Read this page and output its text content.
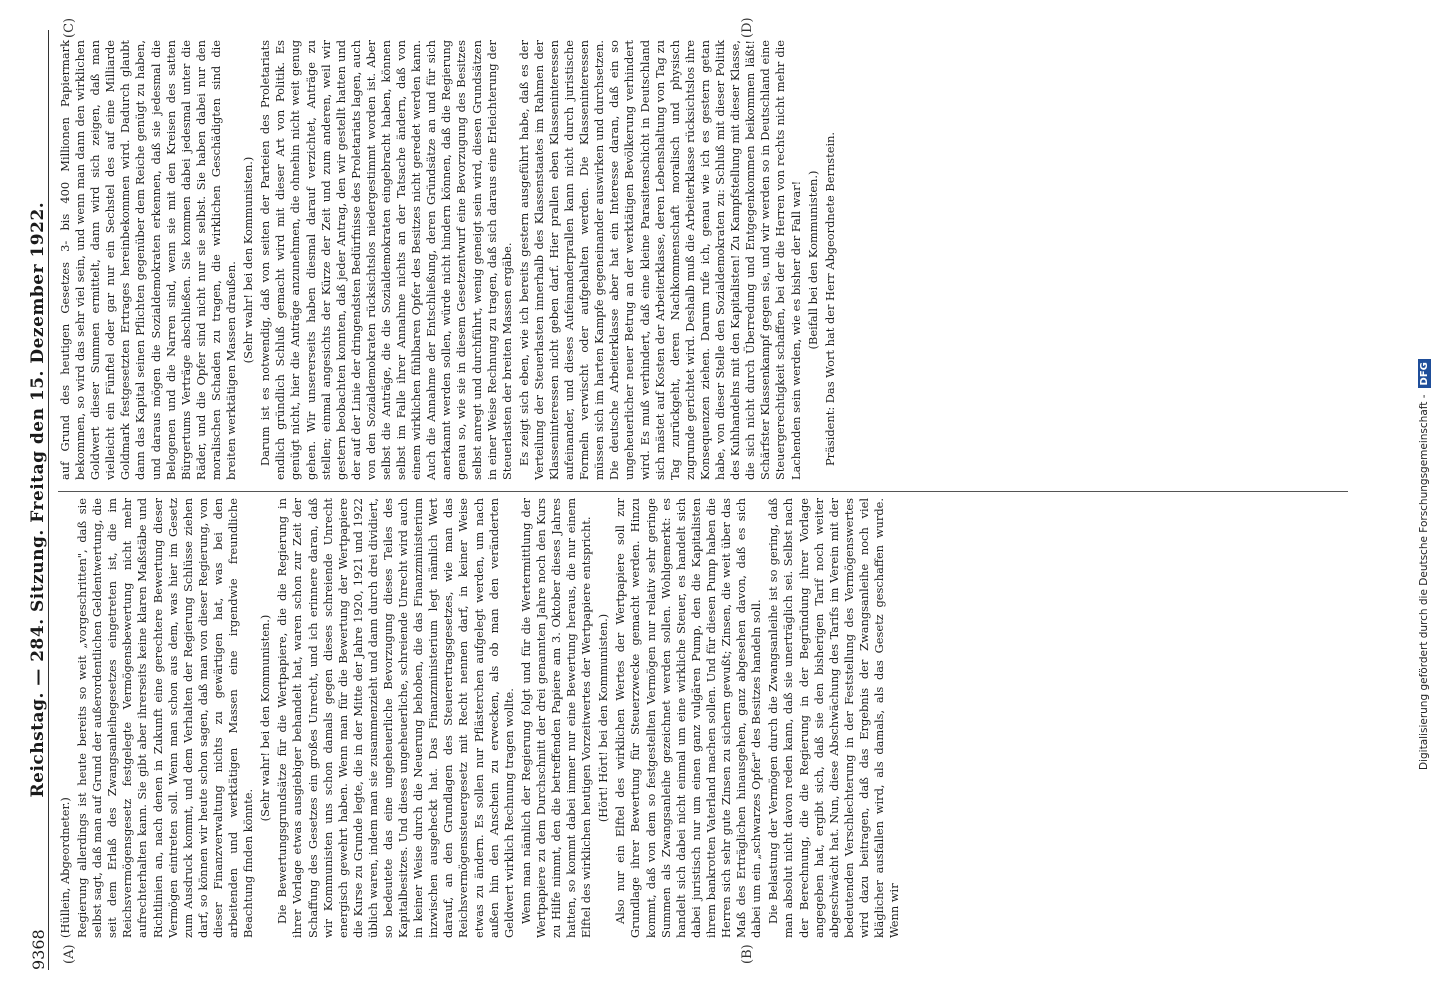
9368
Reichstag. — 284. Sitzung. Freitag den 15. Dezember 1922.
(A)	(B)
(C)	(D)

(Hüllein, Abgeordneter.) Regierung allerdings ist heute bereits so weit „vorgeschritten", daß sie selbst sagt, daß man auf Grund der außerordentlichen Geldentwertung, die seit dem Erlaß des Zwangsanleihegesetzes eingetreten ist, die im Reichsvermögensgesetz festgelegte Vermögensbewertung nicht mehr aufrechterhalten kann. Sie gibt aber ihrerseits keine klaren Maßstäbe und Richtlinien an, nach denen in Zukunft eine gerechtere Bewertung dieser Vermögen eintreten soll. Wenn man schon aus dem, was hier im Gesetz zum Ausdruck kommt, und dem Verhalten der Regierung Schlüsse ziehen darf, so können wir heute schon sagen, daß man von dieser Regierung, von dieser Finanzverwaltung nichts zu gewärtigen hat, was bei den arbeitenden und werktätigen Massen eine irgendwie freundliche Beachtung finden könnte.

(Sehr wahr! bei den Kommunisten.) Die Bewertungsgrundsätze für die Wertpapiere, die die Regierung in ihrer Vorlage etwas ausgiebiger behandelt hat, waren schon zur Zeit der Schaffung des Gesetzes ein großes Unrecht, und ich erinnere daran, daß wir Kommunisten uns schon damals gegen dieses schreiende Unrecht energisch gewehrt haben. Wenn man für die Bewertung der Wertpapiere die Kurse zu Grunde legte, die in der Mitte der Jahre 1920, 1921 und 1922 üblich waren, indem man sie zusammenzieht und dann durch drei dividiert, so bedeutete das eine ungeheuerliche Bevorzugung dieses Teiles des Kapitalbesitzes. Und dieses ungeheuerliche, schreiende Unrecht wird auch in keiner Weise durch die Neuerung behoben, die das Finanzministerium inzwischen ausgeheckt hat. Das Finanzministerium legt nämlich Wert darauf, an den Grundlagen des Steuerertragsgesetzes, wie man das Reichsvermögenssteuergesetz mit Recht nennen darf, in keiner Weise etwas zu ändern. Es sollen nur Pflästerchen aufgelegt werden, um nach außen hin den Anschein zu erwecken, als ob man den veränderten Geldwert wirklich Rechnung tragen wollte. Wenn man nämlich der Regierung folgt und für die Wertermittlung der Wertpapiere zu dem Durchschnitt der drei genannten Jahre noch den Kurs zu Hilfe nimmt, den die betreffenden Papiere am 3. Oktober dieses Jahres hatten, so kommt dabei immer nur eine Bewertung heraus, die nur einem Elftel des wirklichen heutigen Vorzeitwertes der Wertpapiere entspricht. (Hört! Hört! bei den Kommunisten.) Also nur ein Elftel des wirklichen Wertes der Wertpapiere soll zur Grundlage ihrer Bewertung für Steuerzwecke gemacht werden. Hinzu kommt, daß von dem so festgestellten Vermögen nur relativ sehr geringe Summen als Zwangsanleihe gezeichnet werden sollen. Wohlgemerkt: es handelt sich dabei nicht einmal um eine wirkliche Steuer, es handelt sich dabei juristisch nur um einen ganz vulgären Pump, den die Kapitalisten ihrem bankrotten Vaterland machen sollen. Und für diesen Pump haben die Herren sich sehr gute Zinsen zu sichern gewußt; Zinsen, die weit über das Maß des Erträglichen hinausgehen, ganz abgesehen davon, daß es sich dabei um ein „schwarzes Opfer" des Besitzes handeln soll. Die Belastung der Vermögen durch die Zwangsanleihe ist so gering, daß man absolut nicht davon reden kann, daß sie unerträglich sei. Selbst nach der Berechnung, die die Regierung in der Begründung ihrer Vorlage angegeben hat, ergibt sich, daß sie den bisherigen Tarif noch weiter abgeschwächt hat. Nun, diese Abschwächung des Tarifs im Verein mit der bedeutenden Verschlechterung in der Feststellung des Vermögenswertes wird dazu beitragen, daß das Ergebnis der Zwangsanleihe noch viel kläglicher ausfallen wird, als damals, als das Gesetz geschaffen wurde. Wenn wir

auf Grund des heutigen Gesetzes 3- bis 400 Millionen Papiermark bekommen, so wird das sehr viel sein, und wenn man dann den wirklichen Goldwert dieser Summen ermittelt, dann wird sich zeigen, daß man vielleicht ein Fünftel oder gar nur ein Sechstel des auf eine Milliarde Goldmark festgesetzten Ertrages hereinbekommen wird. Dadurch glaubt dann das Kapital seinen Pflichten gegenüber dem Reiche genügt zu haben, und daraus mögen die Sozialdemokraten erkennen, daß sie jedesmal die Belogenen und die Narren sind, wenn sie mit den Kreisen des satten Bürgertums Verträge abschließen. Sie kommen dabei jedesmal unter die Räder, und die Opfer sind nicht nur sie selbst. Sie haben dabei nur den moralischen Schaden zu tragen, die wirklichen Geschädigten sind die breiten werktätigen Massen draußen.

(Sehr wahr! bei den Kommunisten.) Darum ist es notwendig, daß von seiten der Parteien des Proletariats endlich gründlich Schluß gemacht wird mit dieser Art von Politik. Es genügt nicht, hier die Anträge anzunehmen, die ohnehin nicht weit genug gehen. Wir unsererseits haben diesmal darauf verzichtet, Anträge zu stellen; einmal angesichts der Kürze der Zeit und zum anderen, weil wir gestern beobachten konnten, daß jeder Antrag, den wir gestellt hatten und der auf der Linie der dringendsten Bedürfnisse des Proletariats lagen, auch von den Sozialdemokraten rücksichtslos niedergestimmt worden ist. Aber selbst die Anträge, die die Sozialdemokraten eingebracht haben, können selbst im Falle ihrer Annahme nichts an der Tatsache ändern, daß von einem wirklichen fühlbaren Opfer des Besitzes nicht geredet werden kann. Auch die Annahme der Entschließung, deren Gründsätze an und für sich anerkannt werden sollen, würde nicht hindern können, daß die Regierung genau so, wie sie in diesem Gesetzentwurf eine Bevorzugung des Besitzes selbst anregt und durchführt, wenig geneigt sein wird, diesen Grundsätzen in einer Weise Rechnung zu tragen, daß sich daraus eine Erleichterung der Steuerlasten der breiten Massen ergäbe. Es zeigt sich eben, wie ich bereits gestern ausgeführt habe, daß es der Verteilung der Steuerlasten innerhalb des Klassenstaates im Rahmen der Klasseninteressen nicht geben darf. Hier prallen eben Klasseninteressen aufeinander, und dieses Aufeinanderprallen kann nicht durch juristische Formeln verwischt oder aufgehalten werden. Die Klasseninteressen müssen sich im harten Kampfe gegeneinander auswirken und durchsetzen. Die deutsche Arbeiterklasse aber hat ein Interesse daran, daß ein so ungeheuerlicher neuer Betrug an der werktätigen Bevölkerung verhindert wird. Es muß verhindert, daß eine kleine Parasitenschicht in Deutschland sich mästet auf Kosten der Arbeiterklasse, deren Lebenshaltung von Tag zu Tag zurückgeht, deren Nachkommenschaft moralisch und physisch zugrunde gerichtet wird. Deshalb muß die Arbeiterklasse rücksichtslos ihre Konsequenzen ziehen. Darum rufe ich, genau wie ich es gestern getan habe, von dieser Stelle den Sozialdemokraten zu: Schluß mit dieser Politik des Kuhhandelns mit den Kapitalisten! Zu Kampfstellung mit dieser Klasse, die sich nicht durch Überredung und Entgegenkommen beikommen läßt! Schärfster Klassenkampf gegen sie, und wir werden so in Deutschland eine Steuergerechtigkeit schaffen, bei der die Herren von rechts nicht mehr die Lachenden sein werden, wie es bisher der Fall war! (Beifall bei den Kommunisten.) Präsident: Das Wort hat der Herr Abgeordnete Bernstein.

Digitalisierung gefördert durch die Deutsche Forschungsgemeinschaft -
DFG
